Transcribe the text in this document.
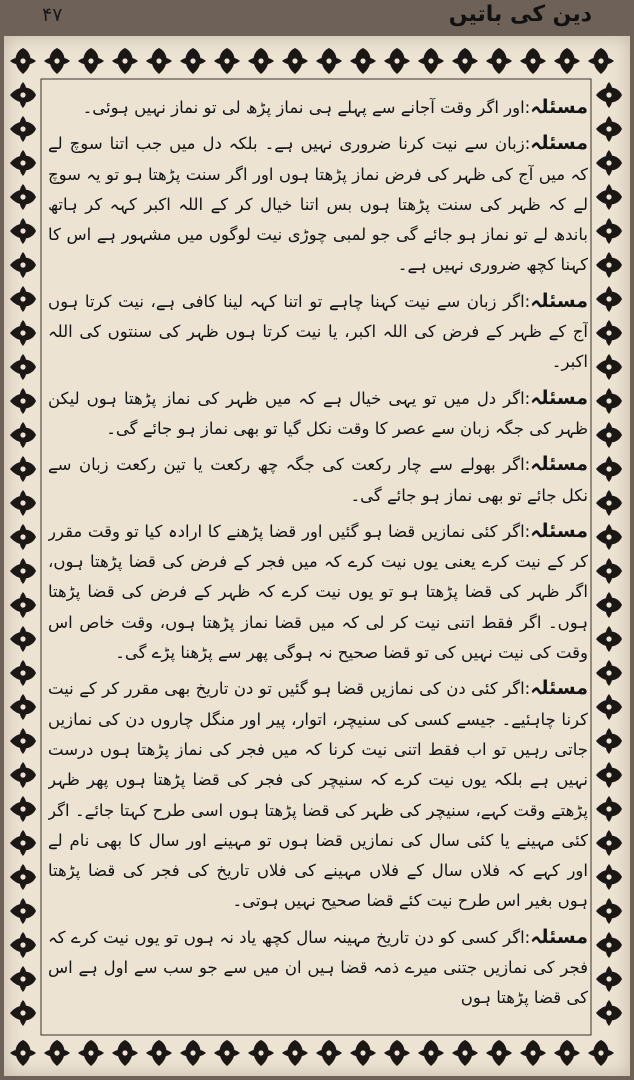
۴۷	دین کی باتیں

مسئلہ:اور اگر وقت آجانے سے پہلے ہی نماز پڑھ لی تو نماز نہیں ہوئی۔

مسئلہ:زبان سے نیت کرنا ضروری نہیں ہے۔ بلکہ دل میں جب اتنا سوچ لے کہ میں آج کی ظہر کی فرض نماز پڑھتا ہوں اور اگر سنت پڑھتا ہو تو یہ سوچ لے کہ ظہر کی سنت پڑھتا ہوں بس اتنا خیال کر کے اللہ اکبر کہہ کر ہاتھ باندھ لے تو نماز ہو جائے گی جو لمبی چوڑی نیت لوگوں میں مشہور ہے اس کا کہنا کچھ ضروری نہیں ہے۔

مسئلہ:اگر زبان سے نیت کہنا چاہے تو اتنا کہہ لینا کافی ہے، نیت کرتا ہوں آج کے ظہر کے فرض کی اللہ اکبر، یا نیت کرتا ہوں ظہر کی سنتوں کی اللہ اکبر۔

مسئلہ:اگر دل میں تو یہی خیال ہے کہ میں ظہر کی نماز پڑھتا ہوں لیکن ظہر کی جگہ زبان سے عصر کا وقت نکل گیا تو بھی نماز ہو جائے گی۔

مسئلہ:اگر بھولے سے چار رکعت کی جگہ چھ رکعت یا تین رکعت زبان سے نکل جائے تو بھی نماز ہو جائے گی۔

مسئلہ:اگر کئی نمازیں قضا ہو گئیں اور قضا پڑھنے کا ارادہ کیا تو وقت مقرر کر کے نیت کرے یعنی یوں نیت کرے کہ میں فجر کے فرض کی قضا پڑھتا ہوں، اگر ظہر کی قضا پڑھتا ہو تو یوں نیت کرے کہ ظہر کے فرض کی قضا پڑھتا ہوں۔ اگر فقط اتنی نیت کر لی کہ میں قضا نماز پڑھتا ہوں، وقت خاص اس وقت کی نیت نہیں کی تو قضا صحیح نہ ہوگی پھر سے پڑھنا پڑے گی۔

مسئلہ:اگر کئی دن کی نمازیں قضا ہو گئیں تو دن تاریخ بھی مقرر کر کے نیت کرنا چاہئیے۔ جیسے کسی کی سنیچر، اتوار، پیر اور منگل چاروں دن کی نمازیں جاتی رہیں تو اب فقط اتنی نیت کرنا کہ میں فجر کی نماز پڑھتا ہوں درست نہیں ہے بلکہ یوں نیت کرے کہ سنیچر کی فجر کی قضا پڑھتا ہوں پھر ظہر پڑھتے وقت کہے، سنیچر کی ظہر کی قضا پڑھتا ہوں اسی طرح کہتا جائے۔ اگر کئی مہینے یا کئی سال کی نمازیں قضا ہوں تو مہینے اور سال کا بھی نام لے اور کہے کہ فلاں سال کے فلاں مہینے کی فلاں تاریخ کی فجر کی قضا پڑھتا ہوں بغیر اس طرح نیت کئے قضا صحیح نہیں ہوتی۔

مسئلہ:اگر کسی کو دن تاریخ مہینہ سال کچھ یاد نہ ہوں تو یوں نیت کرے کہ فجر کی نمازیں جتنی میرے ذمہ قضا ہیں ان میں سے جو سب سے اول ہے اس کی قضا پڑھتا ہوں
